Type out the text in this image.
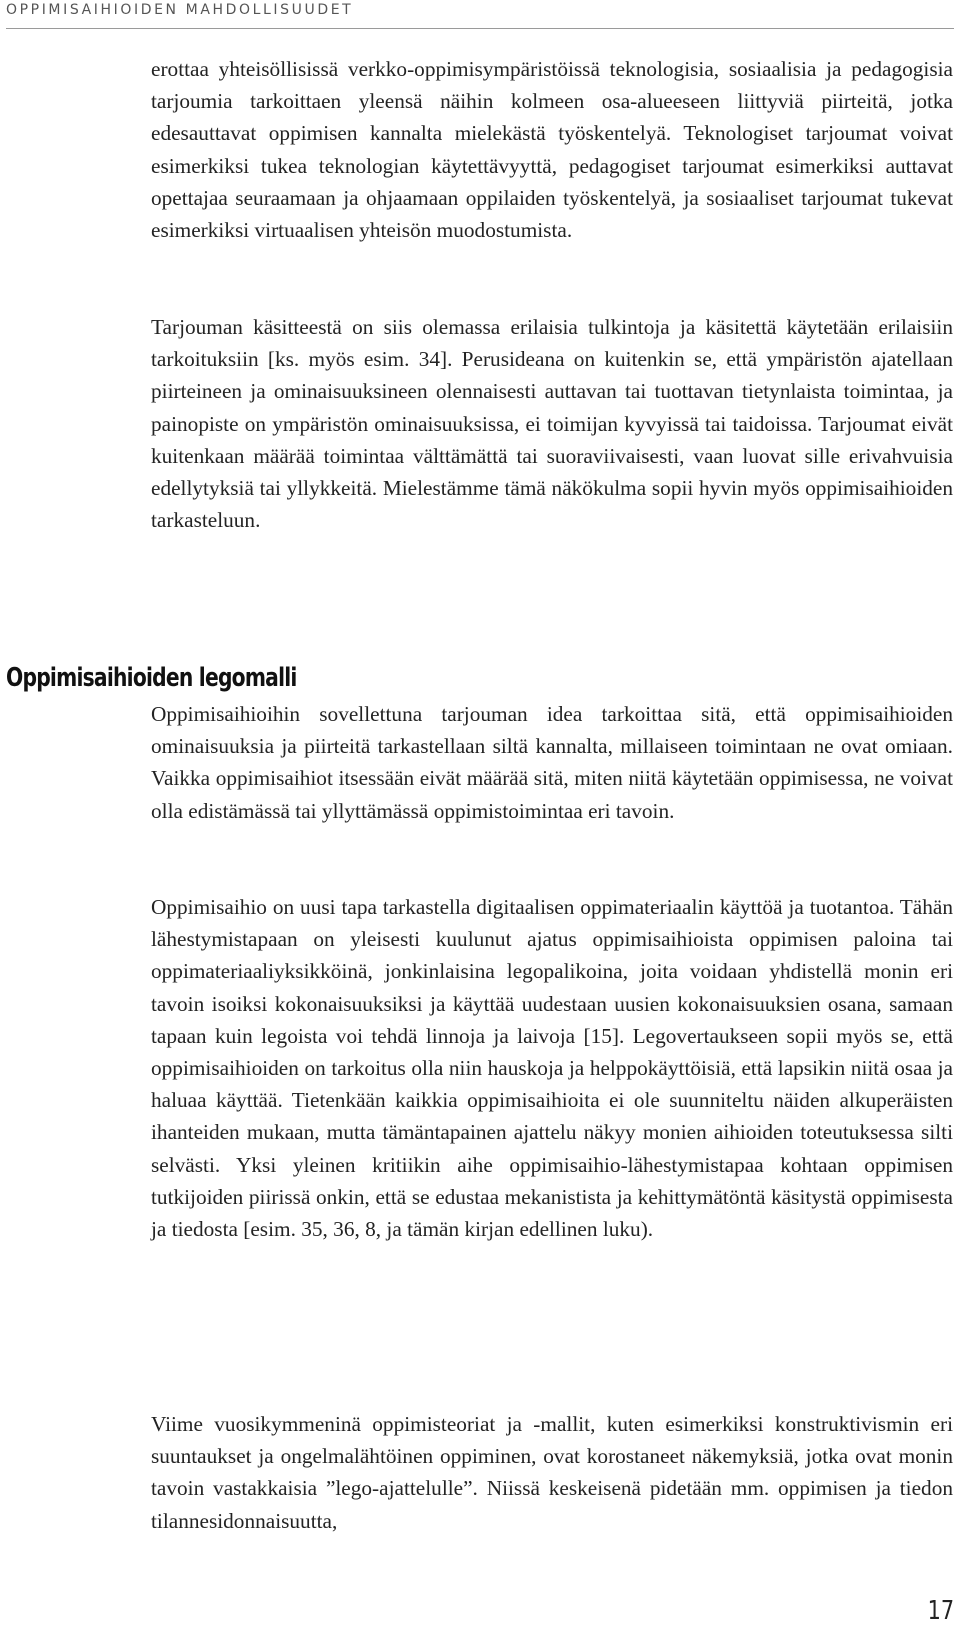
OPPIMISAIHIOIDEN MAHDOLLISUUDET

erottaa yhteisöllisissä verkko-oppimisympäristöissä teknologisia, sosiaalisia ja pedagogisia tarjoumia tarkoittaen yleensä näihin kolmeen osa-alueeseen liittyviä piirteitä, jotka edesauttavat oppimisen kannalta mielekästä työskentelyä. Teknologiset tarjoumat voivat esimerkiksi tukea teknologian käytettävyyttä, pedagogiset tarjoumat esimerkiksi auttavat opettajaa seuraamaan ja ohjaamaan oppilaiden työskentelyä, ja sosiaaliset tarjoumat tukevat esimerkiksi virtuaalisen yhteisön muodostumista.

Tarjouman käsitteestä on siis olemassa erilaisia tulkintoja ja käsitettä käytetään erilaisiin tarkoituksiin [ks. myös esim. 34]. Perusideana on kuitenkin se, että ympäristön ajatellaan piirteineen ja ominaisuuksineen olennaisesti auttavan tai tuottavan tietynlaista toimintaa, ja painopiste on ympäristön ominaisuuksissa, ei toimijan kyvyissä tai taidoissa. Tarjoumat eivät kuitenkaan määrää toimintaa välttämättä tai suoraviivaisesti, vaan luovat sille erivahvuisia edellytyksiä tai yllykkeitä. Mielestämme tämä näkökulma sopii hyvin myös oppimisaihioiden tarkasteluun.

Oppimisaihioiden legomalli

Oppimisaihioihin sovellettuna tarjouman idea tarkoittaa sitä, että oppimisaihioiden ominaisuuksia ja piirteitä tarkastellaan siltä kannalta, millaiseen toimintaan ne ovat omiaan. Vaikka oppimisaihiot itsessään eivät määrää sitä, miten niitä käytetään oppimisessa, ne voivat olla edistämässä tai yllyttämässä oppimistoimintaa eri tavoin.

Oppimisaihio on uusi tapa tarkastella digitaalisen oppimateriaalin käyttöä ja tuotantoa. Tähän lähestymistapaan on yleisesti kuulunut ajatus oppimisaihioista oppimisen paloina tai oppimateriaaliyksikköinä, jonkinlaisina legopalikoina, joita voidaan yhdistellä monin eri tavoin isoiksi kokonaisuuksiksi ja käyttää uudestaan uusien kokonaisuuksien osana, samaan tapaan kuin legoista voi tehdä linnoja ja laivoja [15]. Legovertaukseen sopii myös se, että oppimisaihioiden on tarkoitus olla niin hauskoja ja helppokäyttöisiä, että lapsikin niitä osaa ja haluaa käyttää. Tietenkään kaikkia oppimisaihioita ei ole suunniteltu näiden alkuperäisten ihanteiden mukaan, mutta tämäntapainen ajattelu näkyy monien aihioiden toteutuksessa silti selvästi. Yksi yleinen kritiikin aihe oppimisaihio-lähestymistapaa kohtaan oppimisen tutkijoiden piirissä onkin, että se edustaa mekanistista ja kehittymätöntä käsitystä oppimisesta ja tiedosta [esim. 35, 36, 8, ja tämän kirjan edellinen luku).

Viime vuosikymmeninä oppimisteoriat ja -mallit, kuten esimerkiksi konstruktivismin eri suuntaukset ja ongelmalähtöinen oppiminen, ovat korostaneet näkemyksiä, jotka ovat monin tavoin vastakkaisia ”lego-ajattelulle”. Niissä keskeisenä pidetään mm. oppimisen ja tiedon tilannesidonnaisuutta,

17
